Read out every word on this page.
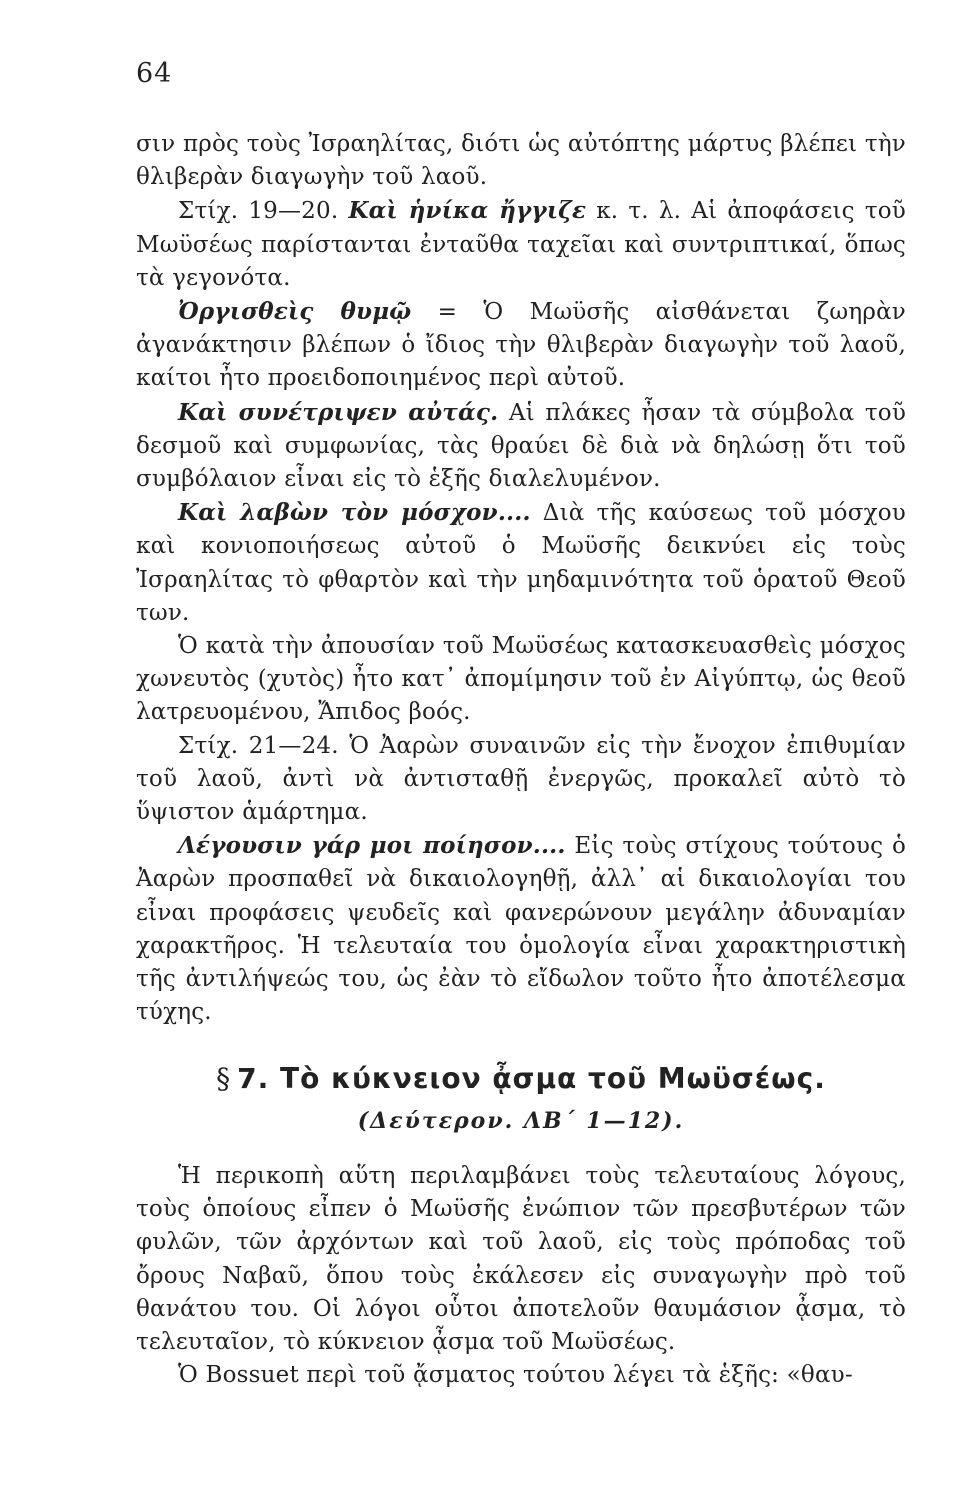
64

σιν πρὸς τοὺς Ἰσραηλίτας, διότι ὡς αὐτόπτης μάρτυς βλέπει τὴν θλιβερὰν διαγωγὴν τοῦ λαοῦ.

Στίχ. 19—20. Καὶ ἡνίκα ἤγγιζε κ. τ. λ. Αἱ ἀποφάσεις τοῦ Μωϋσέως παρίστανται ἐνταῦθα ταχεῖαι καὶ συντριπτικαί, ὅπως τὰ γεγονότα.

Ὀργισθεὶς θυμῷ = Ὁ Μωϋσῆς αἰσθάνεται ζωηρὰν ἀγανάκτησιν βλέπων ὁ ἴδιος τὴν θλιβερὰν διαγωγὴν τοῦ λαοῦ, καίτοι ἦτο προειδοποιημένος περὶ αὐτοῦ.

Καὶ συνέτριψεν αὐτάς. Αἱ πλάκες ἦσαν τὰ σύμβολα τοῦ δεσμοῦ καὶ συμφωνίας, τὰς θραύει δὲ διὰ νὰ δηλώσῃ ὅτι τοῦ συμβόλαιον εἶναι εἰς τὸ ἑξῆς διαλελυμένον.

Καὶ λαβὼν τὸν μόσχον.... Διὰ τῆς καύσεως τοῦ μόσχου καὶ κονιοποιήσεως αὐτοῦ ὁ Μωϋσῆς δεικνύει εἰς τοὺς Ἰσραηλίτας τὸ φθαρτὸν καὶ τὴν μηδαμινότητα τοῦ ὁρατοῦ Θεοῦ των.

Ὁ κατὰ τὴν ἀπουσίαν τοῦ Μωϋσέως κατασκευασθεὶς μόσχος χωνευτὸς (χυτὸς) ἦτο κατ᾽ ἀπομίμησιν τοῦ ἐν Αἰγύπτῳ, ὡς θεοῦ λατρευομένου, Ἄπιδος βοός.

Στίχ. 21—24. Ὁ Ἀαρὼν συναινῶν εἰς τὴν ἔνοχον ἐπιθυμίαν τοῦ λαοῦ, ἀντὶ νὰ ἀντισταθῇ ἐνεργῶς, προκαλεῖ αὐτὸ τὸ ὕψιστον ἁμάρτημα.

Λέγουσιν γάρ μοι ποίησον.... Εἰς τοὺς στίχους τούτους ὁ Ἀαρὼν προσπαθεῖ νὰ δικαιολογηθῇ, ἀλλ᾽ αἱ δικαιολογίαι του εἶναι προφάσεις ψευδεῖς καὶ φανερώνουν μεγάλην ἀδυναμίαν χαρακτῆρος. Ἡ τελευταία του ὁμολογία εἶναι χαρακτηριστικὴ τῆς ἀντιλήψεώς του, ὡς ἐὰν τὸ εἴδωλον τοῦτο ἦτο ἀποτέλεσμα τύχης.

§ 7. Τὸ κύκνειον ᾆσμα τοῦ Μωϋσέως.
(Δεύτερον. ΛΒ´ 1—12).

Ἡ περικοπὴ αὕτη περιλαμβάνει τοὺς τελευταίους λόγους, τοὺς ὁποίους εἶπεν ὁ Μωϋσῆς ἐνώπιον τῶν πρεσβυτέρων τῶν φυλῶν, τῶν ἀρχόντων καὶ τοῦ λαοῦ, εἰς τοὺς πρόποδας τοῦ ὄρους Ναβαῦ, ὅπου τοὺς ἐκάλεσεν εἰς συναγωγὴν πρὸ τοῦ θανάτου του. Οἱ λόγοι οὗτοι ἀποτελοῦν θαυμάσιον ᾆσμα, τὸ τελευταῖον, τὸ κύκνειον ᾆσμα τοῦ Μωϋσέως.

Ὁ Bossuet περὶ τοῦ ᾄσματος τούτου λέγει τὰ ἑξῆς: «θαυ-
